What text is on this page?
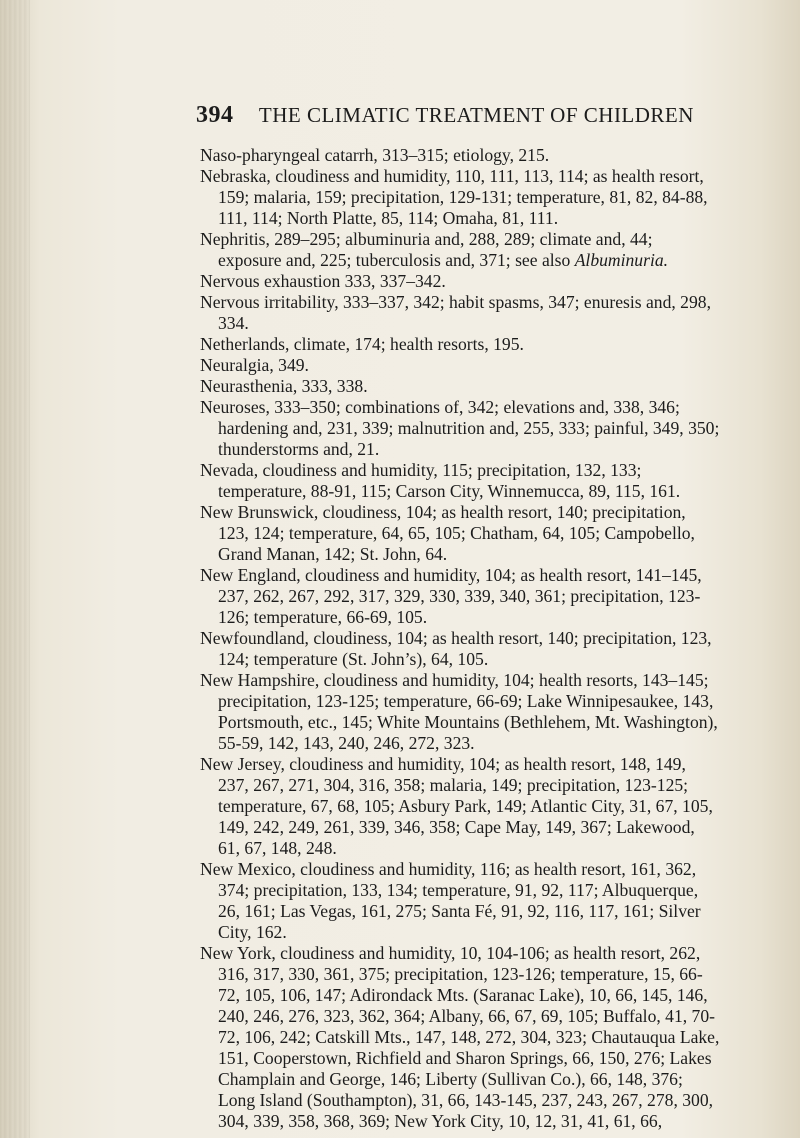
394 THE CLIMATIC TREATMENT OF CHILDREN

Naso-pharyngeal catarrh, 313–315; etiology, 215.

Nebraska, cloudiness and humidity, 110, 111, 113, 114; as health resort, 159; malaria, 159; precipitation, 129-131; temperature, 81, 82, 84-88, 111, 114; North Platte, 85, 114; Omaha, 81, 111.

Nephritis, 289–295; albuminuria and, 288, 289; climate and, 44; exposure and, 225; tuberculosis and, 371; see also Albuminuria.

Nervous exhaustion 333, 337–342.

Nervous irritability, 333–337, 342; habit spasms, 347; enuresis and, 298, 334.

Netherlands, climate, 174; health resorts, 195.

Neuralgia, 349.

Neurasthenia, 333, 338.

Neuroses, 333–350; combinations of, 342; elevations and, 338, 346; hardening and, 231, 339; malnutrition and, 255, 333; painful, 349, 350; thunderstorms and, 21.

Nevada, cloudiness and humidity, 115; precipitation, 132, 133; temperature, 88-91, 115; Carson City, Winnemucca, 89, 115, 161.

New Brunswick, cloudiness, 104; as health resort, 140; precipitation, 123, 124; temperature, 64, 65, 105; Chatham, 64, 105; Campobello, Grand Manan, 142; St. John, 64.

New England, cloudiness and humidity, 104; as health resort, 141–145, 237, 262, 267, 292, 317, 329, 330, 339, 340, 361; precipitation, 123-126; temperature, 66-69, 105.

Newfoundland, cloudiness, 104; as health resort, 140; precipitation, 123, 124; temperature (St. John’s), 64, 105.

New Hampshire, cloudiness and humidity, 104; health resorts, 143–145; precipitation, 123-125; temperature, 66-69; Lake Winnipesaukee, 143, Portsmouth, etc., 145; White Mountains (Bethlehem, Mt. Washington), 55-59, 142, 143, 240, 246, 272, 323.

New Jersey, cloudiness and humidity, 104; as health resort, 148, 149, 237, 267, 271, 304, 316, 358; malaria, 149; precipitation, 123-125; temperature, 67, 68, 105; Asbury Park, 149; Atlantic City, 31, 67, 105, 149, 242, 249, 261, 339, 346, 358; Cape May, 149, 367; Lakewood, 61, 67, 148, 248.

New Mexico, cloudiness and humidity, 116; as health resort, 161, 362, 374; precipitation, 133, 134; temperature, 91, 92, 117; Albuquerque, 26, 161; Las Vegas, 161, 275; Santa Fé, 91, 92, 116, 117, 161; Silver City, 162.

New York, cloudiness and humidity, 10, 104-106; as health resort, 262, 316, 317, 330, 361, 375; precipitation, 123-126; temperature, 15, 66-72, 105, 106, 147; Adirondack Mts. (Saranac Lake), 10, 66, 145, 146, 240, 246, 276, 323, 362, 364; Albany, 66, 67, 69, 105; Buffalo, 41, 70-72, 106, 242; Catskill Mts., 147, 148, 272, 304, 323; Chautauqua Lake, 151, Cooperstown, Richfield and Sharon Springs, 66, 150, 276; Lakes Champlain and George, 146; Liberty (Sullivan Co.), 66, 148, 376; Long Island (Southampton), 31, 66, 143-145, 237, 243, 267, 278, 300, 304, 339, 358, 368, 369; New York City, 10, 12, 31, 41, 61, 66,
